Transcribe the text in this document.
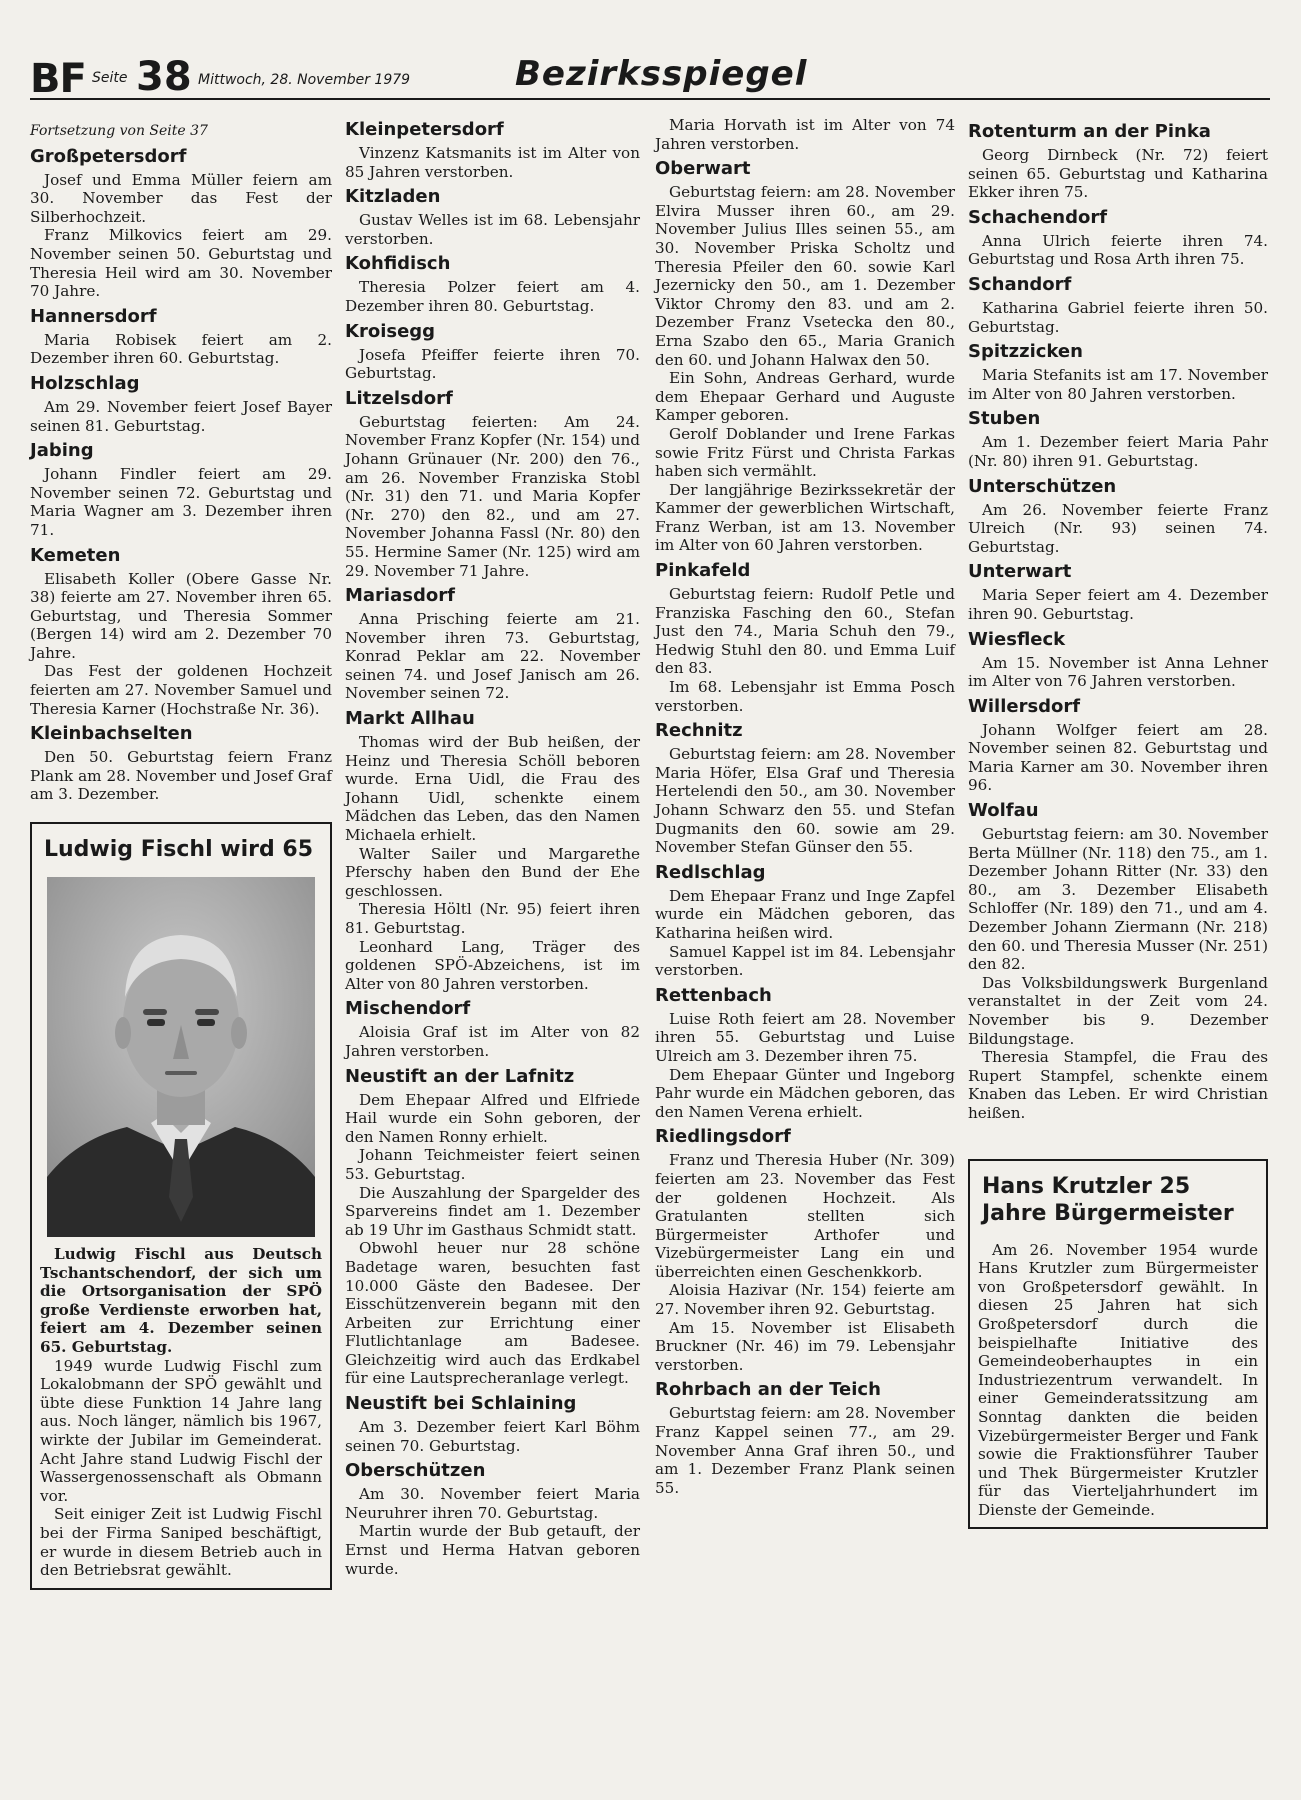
BF Seite 38 Mittwoch, 28. November 1979	Bezirksspiegel
Fortsetzung von Seite 37
Großpetersdorf

Josef und Emma Müller feiern am 30. November das Fest der Silberhochzeit.

Franz Milkovics feiert am 29. November seinen 50. Geburtstag und Theresia Heil wird am 30. November 70 Jahre.

Hannersdorf

Maria Robisek feiert am 2. Dezember ihren 60. Geburtstag.

Holzschlag

Am 29. November feiert Josef Bayer seinen 81. Geburtstag.

Jabing

Johann Findler feiert am 29. November seinen 72. Geburtstag und Maria Wagner am 3. Dezember ihren 71.

Kemeten

Elisabeth Koller (Obere Gasse Nr. 38) feierte am 27. November ihren 65. Geburtstag, und Theresia Sommer (Bergen 14) wird am 2. Dezember 70 Jahre.

Das Fest der goldenen Hochzeit feierten am 27. November Samuel und Theresia Karner (Hochstraße Nr. 36).

Kleinbachselten

Den 50. Geburtstag feiern Franz Plank am 28. November und Josef Graf am 3. Dezember.

Ludwig Fischl wird 65

Ludwig Fischl aus Deutsch Tschantschendorf, der sich um die Ortsorganisation der SPÖ große Verdienste erworben hat, feiert am 4. Dezember seinen 65. Geburtstag.

1949 wurde Ludwig Fischl zum Lokalobmann der SPÖ gewählt und übte diese Funktion 14 Jahre lang aus. Noch länger, nämlich bis 1967, wirkte der Jubilar im Gemeinderat. Acht Jahre stand Ludwig Fischl der Wassergenossenschaft als Obmann vor.

Seit einiger Zeit ist Ludwig Fischl bei der Firma Saniped beschäftigt, er wurde in diesem Betrieb auch in den Betriebsrat gewählt.

Kleinpetersdorf

Vinzenz Katsmanits ist im Alter von 85 Jahren verstorben.

Kitzladen

Gustav Welles ist im 68. Lebensjahr verstorben.

Kohfidisch

Theresia Polzer feiert am 4. Dezember ihren 80. Geburtstag.

Kroisegg

Josefa Pfeiffer feierte ihren 70. Geburtstag.

Litzelsdorf

Geburtstag feierten: Am 24. November Franz Kopfer (Nr. 154) und Johann Grünauer (Nr. 200) den 76., am 26. November Franziska Stobl (Nr. 31) den 71. und Maria Kopfer (Nr. 270) den 82., und am 27. November Johanna Fassl (Nr. 80) den 55. Hermine Samer (Nr. 125) wird am 29. November 71 Jahre.

Mariasdorf

Anna Prisching feierte am 21. November ihren 73. Geburtstag, Konrad Peklar am 22. November seinen 74. und Josef Janisch am 26. November seinen 72.

Markt Allhau

Thomas wird der Bub heißen, der Heinz und Theresia Schöll beboren wurde. Erna Uidl, die Frau des Johann Uidl, schenkte einem Mädchen das Leben, das den Namen Michaela erhielt.

Walter Sailer und Margarethe Pferschy haben den Bund der Ehe geschlossen.

Theresia Höltl (Nr. 95) feiert ihren 81. Geburtstag.

Leonhard Lang, Träger des goldenen SPÖ-Abzeichens, ist im Alter von 80 Jahren verstorben.

Mischendorf

Aloisia Graf ist im Alter von 82 Jahren verstorben.

Neustift an der Lafnitz

Dem Ehepaar Alfred und Elfriede Hail wurde ein Sohn geboren, der den Namen Ronny erhielt.

Johann Teichmeister feiert seinen 53. Geburtstag.

Die Auszahlung der Spargelder des Sparvereins findet am 1. Dezember ab 19 Uhr im Gasthaus Schmidt statt.

Obwohl heuer nur 28 schöne Badetage waren, besuchten fast 10.000 Gäste den Badesee. Der Eisschützenverein begann mit den Arbeiten zur Errichtung einer Flutlichtanlage am Badesee. Gleichzeitig wird auch das Erdkabel für eine Lautsprecheranlage verlegt.

Neustift bei Schlaining

Am 3. Dezember feiert Karl Böhm seinen 70. Geburtstag.

Oberschützen

Am 30. November feiert Maria Neuruhrer ihren 70. Geburtstag.

Martin wurde der Bub getauft, der Ernst und Herma Hatvan geboren wurde.

Maria Horvath ist im Alter von 74 Jahren verstorben.

Oberwart

Geburtstag feiern: am 28. November Elvira Musser ihren 60., am 29. November Julius Illes seinen 55., am 30. November Priska Scholtz und Theresia Pfeiler den 60. sowie Karl Jezernicky den 50., am 1. Dezember Viktor Chromy den 83. und am 2. Dezember Franz Vsetecka den 80., Erna Szabo den 65., Maria Granich den 60. und Johann Halwax den 50.

Ein Sohn, Andreas Gerhard, wurde dem Ehepaar Gerhard und Auguste Kamper geboren.

Gerolf Doblander und Irene Farkas sowie Fritz Fürst und Christa Farkas haben sich vermählt.

Der langjährige Bezirkssekretär der Kammer der gewerblichen Wirtschaft, Franz Werban, ist am 13. November im Alter von 60 Jahren verstorben.

Pinkafeld

Geburtstag feiern: Rudolf Petle und Franziska Fasching den 60., Stefan Just den 74., Maria Schuh den 79., Hedwig Stuhl den 80. und Emma Luif den 83.

Im 68. Lebensjahr ist Emma Posch verstorben.

Rechnitz

Geburtstag feiern: am 28. November Maria Höfer, Elsa Graf und Theresia Hertelendi den 50., am 30. November Johann Schwarz den 55. und Stefan Dugmanits den 60. sowie am 29. November Stefan Günser den 55.

Redlschlag

Dem Ehepaar Franz und Inge Zapfel wurde ein Mädchen geboren, das Katharina heißen wird.

Samuel Kappel ist im 84. Lebensjahr verstorben.

Rettenbach

Luise Roth feiert am 28. November ihren 55. Geburtstag und Luise Ulreich am 3. Dezember ihren 75.

Dem Ehepaar Günter und Ingeborg Pahr wurde ein Mädchen geboren, das den Namen Verena erhielt.

Riedlingsdorf

Franz und Theresia Huber (Nr. 309) feierten am 23. November das Fest der goldenen Hochzeit. Als Gratulanten stellten sich Bürgermeister Arthofer und Vizebürgermeister Lang ein und überreichten einen Geschenkkorb.

Aloisia Hazivar (Nr. 154) feierte am 27. November ihren 92. Geburtstag.

Am 15. November ist Elisabeth Bruckner (Nr. 46) im 79. Lebensjahr verstorben.

Rohrbach an der Teich

Geburtstag feiern: am 28. November Franz Kappel seinen 77., am 29. November Anna Graf ihren 50., und am 1. Dezember Franz Plank seinen 55.

Rotenturm an der Pinka

Georg Dirnbeck (Nr. 72) feiert seinen 65. Geburtstag und Katharina Ekker ihren 75.

Schachendorf

Anna Ulrich feierte ihren 74. Geburtstag und Rosa Arth ihren 75.

Schandorf

Katharina Gabriel feierte ihren 50. Geburtstag.

Spitzzicken

Maria Stefanits ist am 17. November im Alter von 80 Jahren verstorben.

Stuben

Am 1. Dezember feiert Maria Pahr (Nr. 80) ihren 91. Geburtstag.

Unterschützen

Am 26. November feierte Franz Ulreich (Nr. 93) seinen 74. Geburtstag.

Unterwart

Maria Seper feiert am 4. Dezember ihren 90. Geburtstag.

Wiesfleck

Am 15. November ist Anna Lehner im Alter von 76 Jahren verstorben.

Willersdorf

Johann Wolfger feiert am 28. November seinen 82. Geburtstag und Maria Karner am 30. November ihren 96.

Wolfau

Geburtstag feiern: am 30. November Berta Müllner (Nr. 118) den 75., am 1. Dezember Johann Ritter (Nr. 33) den 80., am 3. Dezember Elisabeth Schloffer (Nr. 189) den 71., und am 4. Dezember Johann Ziermann (Nr. 218) den 60. und Theresia Musser (Nr. 251) den 82.

Das Volksbildungswerk Burgenland veranstaltet in der Zeit vom 24. November bis 9. Dezember Bildungstage.

Theresia Stampfel, die Frau des Rupert Stampfel, schenkte einem Knaben das Leben. Er wird Christian heißen.

Hans Krutzler 25 Jahre Bürgermeister

Am 26. November 1954 wurde Hans Krutzler zum Bürgermeister von Großpetersdorf gewählt. In diesen 25 Jahren hat sich Großpetersdorf durch die beispielhafte Initiative des Gemeindeoberhauptes in ein Industriezentrum verwandelt. In einer Gemeinderatssitzung am Sonntag dankten die beiden Vizebürgermeister Berger und Fank sowie die Fraktionsführer Tauber und Thek Bürgermeister Krutzler für das Vierteljahrhundert im Dienste der Gemeinde.
